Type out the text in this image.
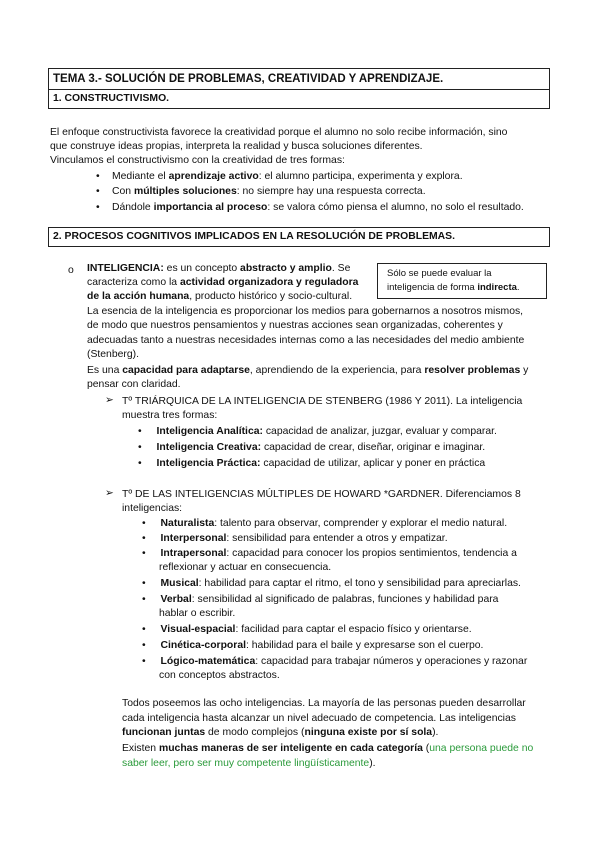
TEMA 3.- SOLUCIÓN DE PROBLEMAS, CREATIVIDAD Y APRENDIZAJE.
1. CONSTRUCTIVISMO.
El enfoque constructivista favorece la creatividad porque el alumno no solo recibe información, sino
que construye ideas propias, interpreta la realidad y busca soluciones diferentes.
Vinculamos el constructivismo con la creatividad de tres formas:
• Mediante el aprendizaje activo: el alumno participa, experimenta y explora.
• Con múltiples soluciones: no siempre hay una respuesta correcta.
• Dándole importancia al proceso: se valora cómo piensa el alumno, no solo el resultado.
2. PROCESOS COGNITIVOS IMPLICADOS EN LA RESOLUCIÓN DE PROBLEMAS.
Sólo se puede evaluar la
inteligencia de forma indirecta.
o INTELIGENCIA: es un concepto abstracto y amplio. Se
caracteriza como la actividad organizadora y reguladora
de la acción humana, producto histórico y socio-cultural.
La esencia de la inteligencia es proporcionar los medios para gobernarnos a nosotros mismos,
de modo que nuestros pensamientos y nuestras acciones sean organizadas, coherentes y
adecuadas tanto a nuestras necesidades internas como a las necesidades del medio ambiente
(Stenberg).
Es una capacidad para adaptarse, aprendiendo de la experiencia, para resolver problemas y
pensar con claridad.
➢ Tº TRIÁRQUICA DE LA INTELIGENCIA DE STENBERG (1986 Y 2011). La inteligencia
muestra tres formas:
• Inteligencia Analítica: capacidad de analizar, juzgar, evaluar y comparar.
• Inteligencia Creativa: capacidad de crear, diseñar, originar e imaginar.
• Inteligencia Práctica: capacidad de utilizar, aplicar y poner en práctica
➢ Tº DE LAS INTELIGENCIAS MÚLTIPLES DE HOWARD *GARDNER. Diferenciamos 8
inteligencias:
• Naturalista: talento para observar, comprender y explorar el medio natural.
• Interpersonal: sensibilidad para entender a otros y empatizar.
• Intrapersonal: capacidad para conocer los propios sentimientos, tendencia a
reflexionar y actuar en consecuencia.
• Musical: habilidad para captar el ritmo, el tono y sensibilidad para apreciarlas.
• Verbal: sensibilidad al significado de palabras, funciones y habilidad para
hablar o escribir.
• Visual-espacial: facilidad para captar el espacio físico y orientarse.
• Cinética-corporal: habilidad para el baile y expresarse son el cuerpo.
• Lógico-matemática: capacidad para trabajar números y operaciones y razonar
con conceptos abstractos.
Todos poseemos las ocho inteligencias. La mayoría de las personas pueden desarrollar
cada inteligencia hasta alcanzar un nivel adecuado de competencia. Las inteligencias
funcionan juntas de modo complejos (ninguna existe por sí sola).
Existen muchas maneras de ser inteligente en cada categoría (una persona puede no
saber leer, pero ser muy competente lingüísticamente).
